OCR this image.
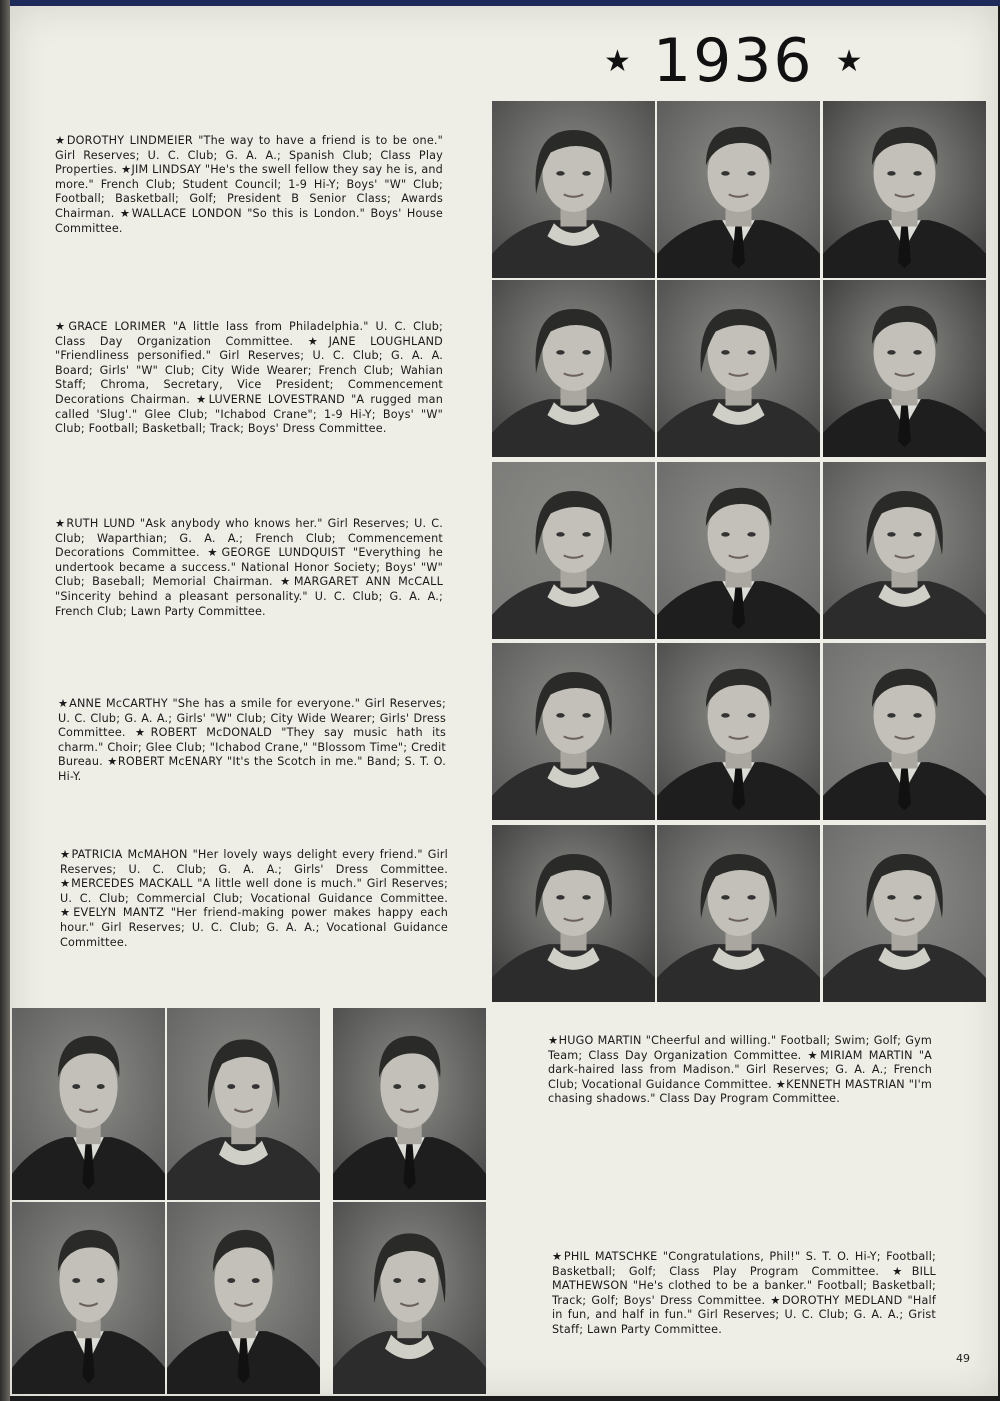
★ 1936 ★
★DOROTHY LINDMEIER "The way to have a friend is to be one." Girl Reserves; U. C. Club; G. A. A.; Spanish Club; Class Play Properties. ★JIM LINDSAY "He's the swell fellow they say he is, and more." French Club; Student Council; 1-9 Hi-Y; Boys' "W" Club; Football; Basketball; Golf; President B Senior Class; Awards Chairman. ★WALLACE LONDON "So this is London." Boys' House Committee.
★GRACE LORIMER "A little lass from Philadelphia." U. C. Club; Class Day Organization Committee. ★JANE LOUGHLAND "Friendliness personified." Girl Reserves; U. C. Club; G. A. A. Board; Girls' "W" Club; City Wide Wearer; French Club; Wahian Staff; Chroma, Secretary, Vice President; Commencement Decorations Chairman. ★LUVERNE LOVESTRAND "A rugged man called 'Slug'." Glee Club; "Ichabod Crane"; 1-9 Hi-Y; Boys' "W" Club; Football; Basketball; Track; Boys' Dress Committee.
★RUTH LUND "Ask anybody who knows her." Girl Reserves; U. C. Club; Waparthian; G. A. A.; French Club; Commencement Decorations Committee. ★GEORGE LUNDQUIST "Everything he undertook became a success." National Honor Society; Boys' "W" Club; Baseball; Memorial Chairman. ★MARGARET ANN McCALL "Sincerity behind a pleasant personality." U. C. Club; G. A. A.; French Club; Lawn Party Committee.
★ANNE McCARTHY "She has a smile for everyone." Girl Reserves; U. C. Club; G. A. A.; Girls' "W" Club; City Wide Wearer; Girls' Dress Committee. ★ROBERT McDONALD "They say music hath its charm." Choir; Glee Club; "Ichabod Crane," "Blossom Time"; Credit Bureau. ★ROBERT McENARY "It's the Scotch in me." Band; S. T. O. Hi-Y.
★PATRICIA McMAHON "Her lovely ways delight every friend." Girl Reserves; U. C. Club; G. A. A.; Girls' Dress Committee. ★MERCEDES MACKALL "A little well done is much." Girl Reserves; U. C. Club; Commercial Club; Vocational Guidance Committee. ★EVELYN MANTZ "Her friend-making power makes happy each hour." Girl Reserves; U. C. Club; G. A. A.; Vocational Guidance Committee.
★HUGO MARTIN "Cheerful and willing." Football; Swim; Golf; Gym Team; Class Day Organization Committee. ★MIRIAM MARTIN "A dark-haired lass from Madison." Girl Reserves; G. A. A.; French Club; Vocational Guidance Committee. ★KENNETH MASTRIAN "I'm chasing shadows." Class Day Program Committee.
★PHIL MATSCHKE "Congratulations, Phil!" S. T. O. Hi-Y; Football; Basketball; Golf; Class Play Program Committee. ★BILL MATHEWSON "He's clothed to be a banker." Football; Basketball; Track; Golf; Boys' Dress Committee. ★DOROTHY MEDLAND "Half in fun, and half in fun." Girl Reserves; U. C. Club; G. A. A.; Grist Staff; Lawn Party Committee.
49
